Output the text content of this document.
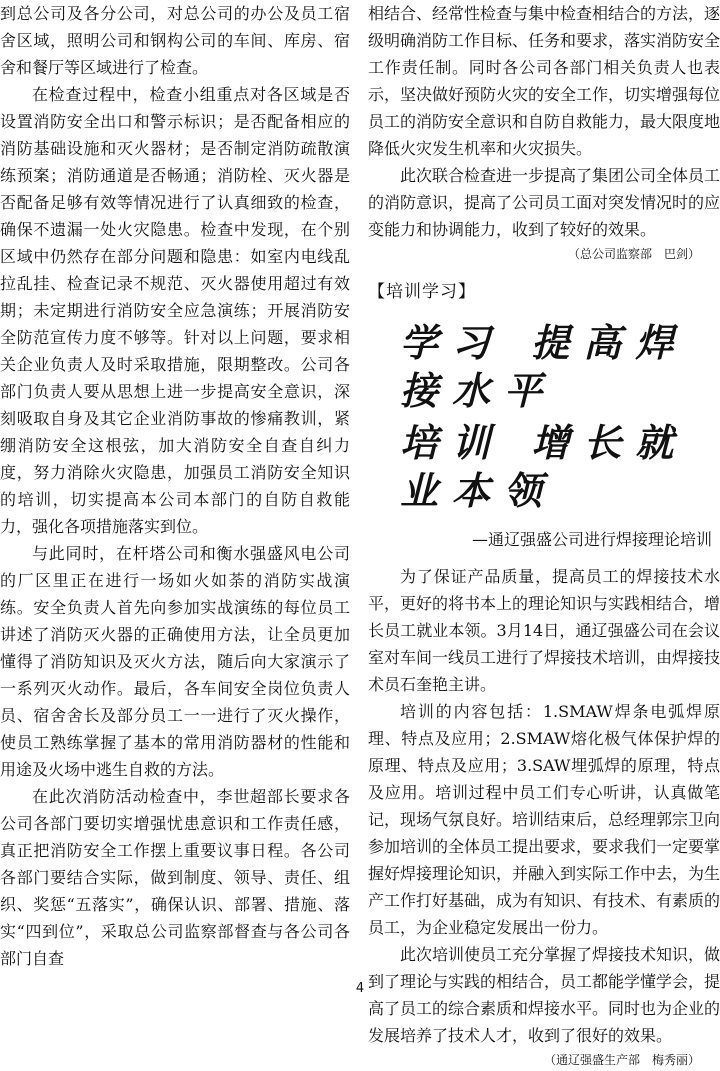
到总公司及各分公司，对总公司的办公及员工宿舍区域，照明公司和钢构公司的车间、库房、宿舍和餐厅等区域进行了检查。

在检查过程中，检查小组重点对各区域是否设置消防安全出口和警示标识；是否配备相应的消防基础设施和灭火器材；是否制定消防疏散演练预案；消防通道是否畅通；消防栓、灭火器是否配备足够有效等情况进行了认真细致的检查，确保不遗漏一处火灾隐患。检查中发现，在个别区域中仍然存在部分问题和隐患：如室内电线乱拉乱挂、检查记录不规范、灭火器使用超过有效期；未定期进行消防安全应急演练；开展消防安全防范宣传力度不够等。针对以上问题，要求相关企业负责人及时采取措施，限期整改。公司各部门负责人要从思想上进一步提高安全意识，深刻吸取自身及其它企业消防事故的惨痛教训，紧绷消防安全这根弦，加大消防安全自查自纠力度，努力消除火灾隐患，加强员工消防安全知识的培训，切实提高本公司本部门的自防自救能力，强化各项措施落实到位。

与此同时，在杆塔公司和衡水强盛风电公司的厂区里正在进行一场如火如荼的消防实战演练。安全负责人首先向参加实战演练的每位员工讲述了消防灭火器的正确使用方法，让全员更加懂得了消防知识及灭火方法，随后向大家演示了一系列灭火动作。最后，各车间安全岗位负责人员、宿舍舍长及部分员工一一进行了灭火操作，使员工熟练掌握了基本的常用消防器材的性能和用途及火场中逃生自救的方法。

在此次消防活动检查中，李世超部长要求各公司各部门要切实增强忧患意识和工作责任感，真正把消防安全工作摆上重要议事日程。各公司各部门要结合实际，做到制度、领导、责任、组织、奖惩“五落实”，确保认识、部署、措施、落实“四到位”，采取总公司监察部督查与各公司各部门自查

相结合、经常性检查与集中检查相结合的方法，逐级明确消防工作目标、任务和要求，落实消防安全工作责任制。同时各公司各部门相关负责人也表示，坚决做好预防火灾的安全工作，切实增强每位员工的消防安全意识和自防自救能力，最大限度地降低火灾发生机率和火灾损失。

此次联合检查进一步提高了集团公司全体员工的消防意识，提高了公司员工面对突发情况时的应变能力和协调能力，收到了较好的效果。

（总公司监察部　巴剑）

【培训学习】
学习 提高焊接水平
培训 增长就业本领
—通辽强盛公司进行焊接理论培训

为了保证产品质量，提高员工的焊接技术水平，更好的将书本上的理论知识与实践相结合，增长员工就业本领。3月14日，通辽强盛公司在会议室对车间一线员工进行了焊接技术培训，由焊接技术员石奎艳主讲。

培训的内容包括：1.SMAW焊条电弧焊原理、特点及应用；2.SMAW熔化极气体保护焊的原理、特点及应用；3.SAW埋弧焊的原理，特点及应用。培训过程中员工们专心听讲，认真做笔记，现场气氛良好。培训结束后，总经理郭宗卫向参加培训的全体员工提出要求，要求我们一定要掌握好焊接理论知识，并融入到实际工作中去，为生产工作打好基础，成为有知识、有技术、有素质的员工，为企业稳定发展出一份力。

此次培训使员工充分掌握了焊接技术知识，做到了理论与实践的相结合，员工都能学懂学会，提高了员工的综合素质和焊接水平。同时也为企业的发展培养了技术人才，收到了很好的效果。

（通辽强盛生产部　梅秀丽）

4
